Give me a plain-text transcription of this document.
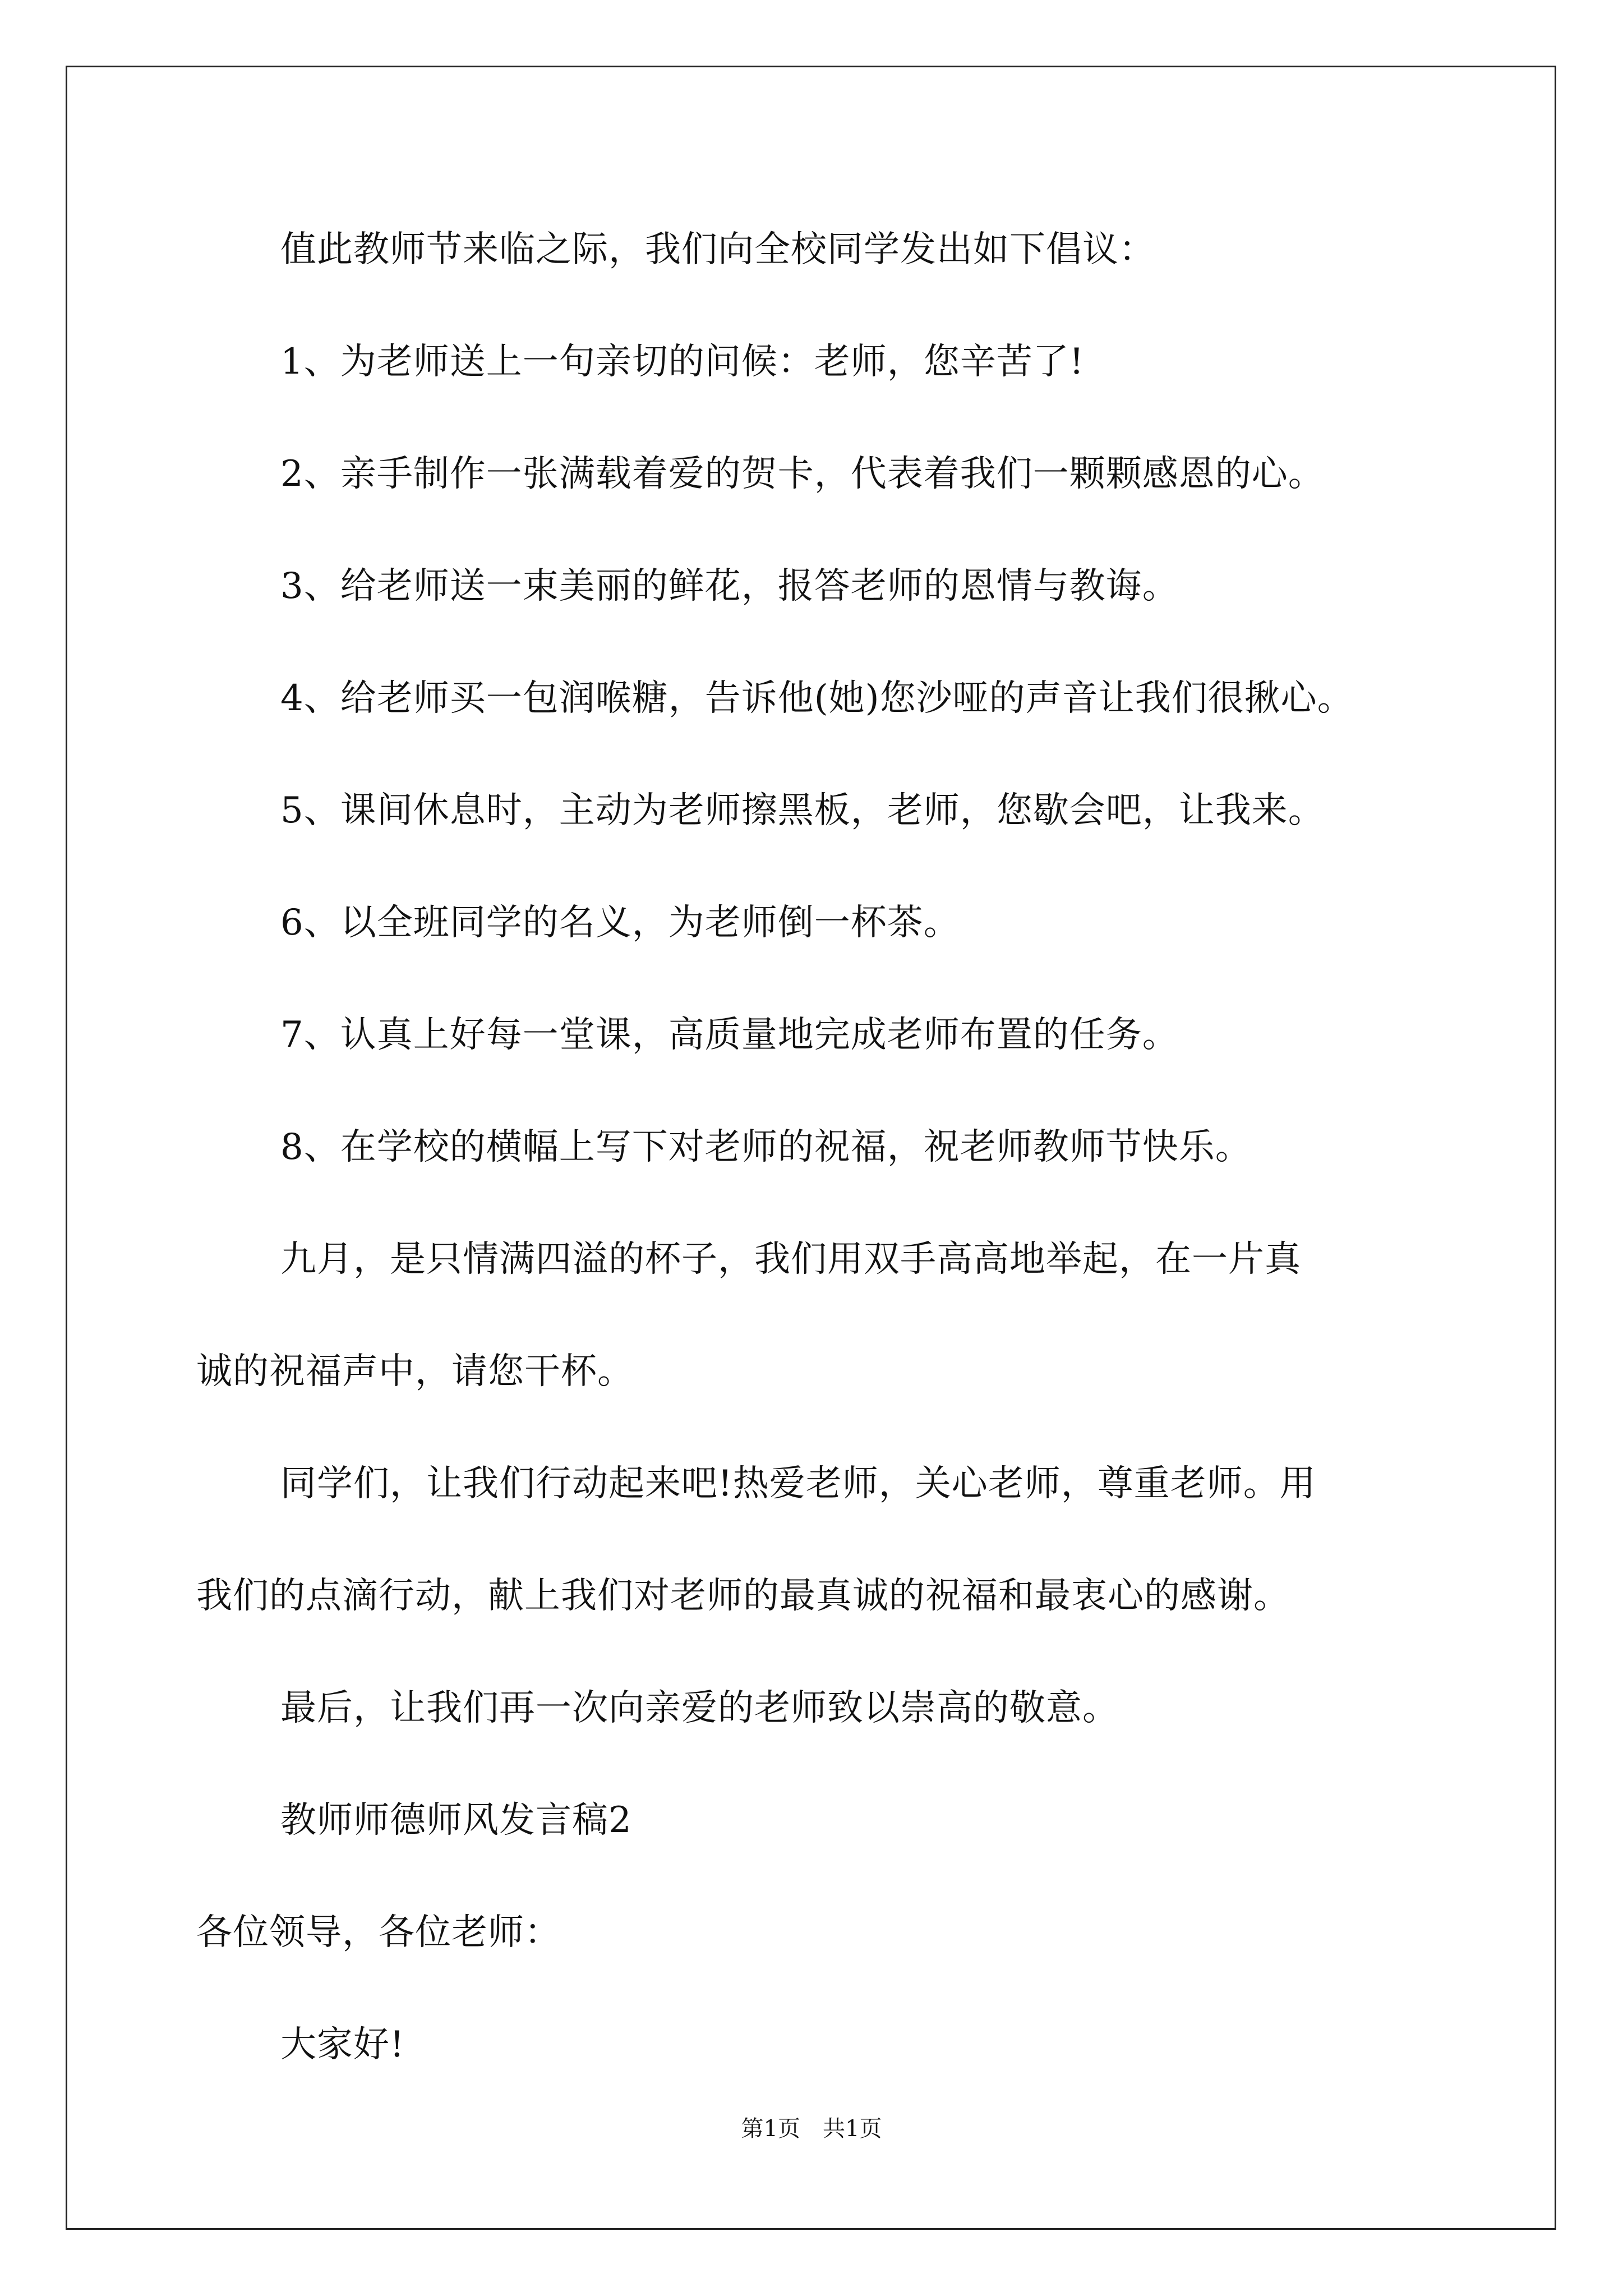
值此教师节来临之际，我们向全校同学发出如下倡议：
1、为老师送上一句亲切的问候：老师，您辛苦了!
2、亲手制作一张满载着爱的贺卡，代表着我们一颗颗感恩的心。
3、给老师送一束美丽的鲜花，报答老师的恩情与教诲。
4、给老师买一包润喉糖，告诉他(她)您沙哑的声音让我们很揪心。
5、课间休息时，主动为老师擦黑板，老师，您歇会吧，让我来。
6、以全班同学的名义，为老师倒一杯茶。
7、认真上好每一堂课，高质量地完成老师布置的任务。
8、在学校的横幅上写下对老师的祝福，祝老师教师节快乐。
九月，是只情满四溢的杯子，我们用双手高高地举起，在一片真
诚的祝福声中，请您干杯。
同学们，让我们行动起来吧!热爱老师，关心老师，尊重老师。用
我们的点滴行动，献上我们对老师的最真诚的祝福和最衷心的感谢。
最后，让我们再一次向亲爱的老师致以崇高的敬意。
教师师德师风发言稿2
各位领导，各位老师：
大家好!
第1页　共1页
